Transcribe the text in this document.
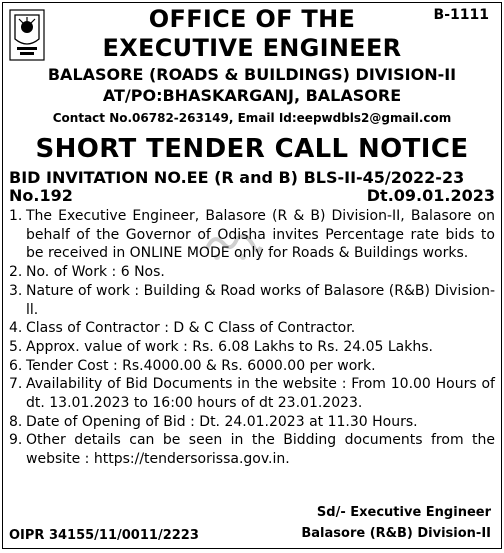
B-1111
OFFICE OF THE
EXECUTIVE ENGINEER
BALASORE (ROADS & BUILDINGS) DIVISION-II
AT/PO:BHASKARGANJ, BALASORE
Contact No.06782-263149, Email Id:eepwdbls2@gmail.com
SHORT TENDER CALL NOTICE
BID INVITATION NO.EE (R and B) BLS-II-45/2022-23
No.192	Dt.09.01.2023
1. The Executive Engineer, Balasore (R & B) Division-II, Balasore on behalf of the Governor of Odisha invites Percentage rate bids to be received in ONLINE MODE only for Roads & Buildings works.
2. No. of Work : 6 Nos.
3. Nature of work : Building & Road works of Balasore (R&B) Division-ll.
4. Class of Contractor : D & C Class of Contractor.
5. Approx. value of work : Rs. 6.08 Lakhs to Rs. 24.05 Lakhs.
6. Tender Cost : Rs.4000.00 & Rs. 6000.00 per work.
7. Availability of Bid Documents in the website : From 10.00 Hours of dt. 13.01.2023 to 16:00 hours of dt 23.01.2023.
8. Date of Opening of Bid : Dt. 24.01.2023 at 11.30 Hours.
9. Other details can be seen in the Bidding documents from the website : https://tendersorissa.gov.in.
Sd/- Executive Engineer
OIPR 34155/11/0011/2223	Balasore (R&B) Division-II
